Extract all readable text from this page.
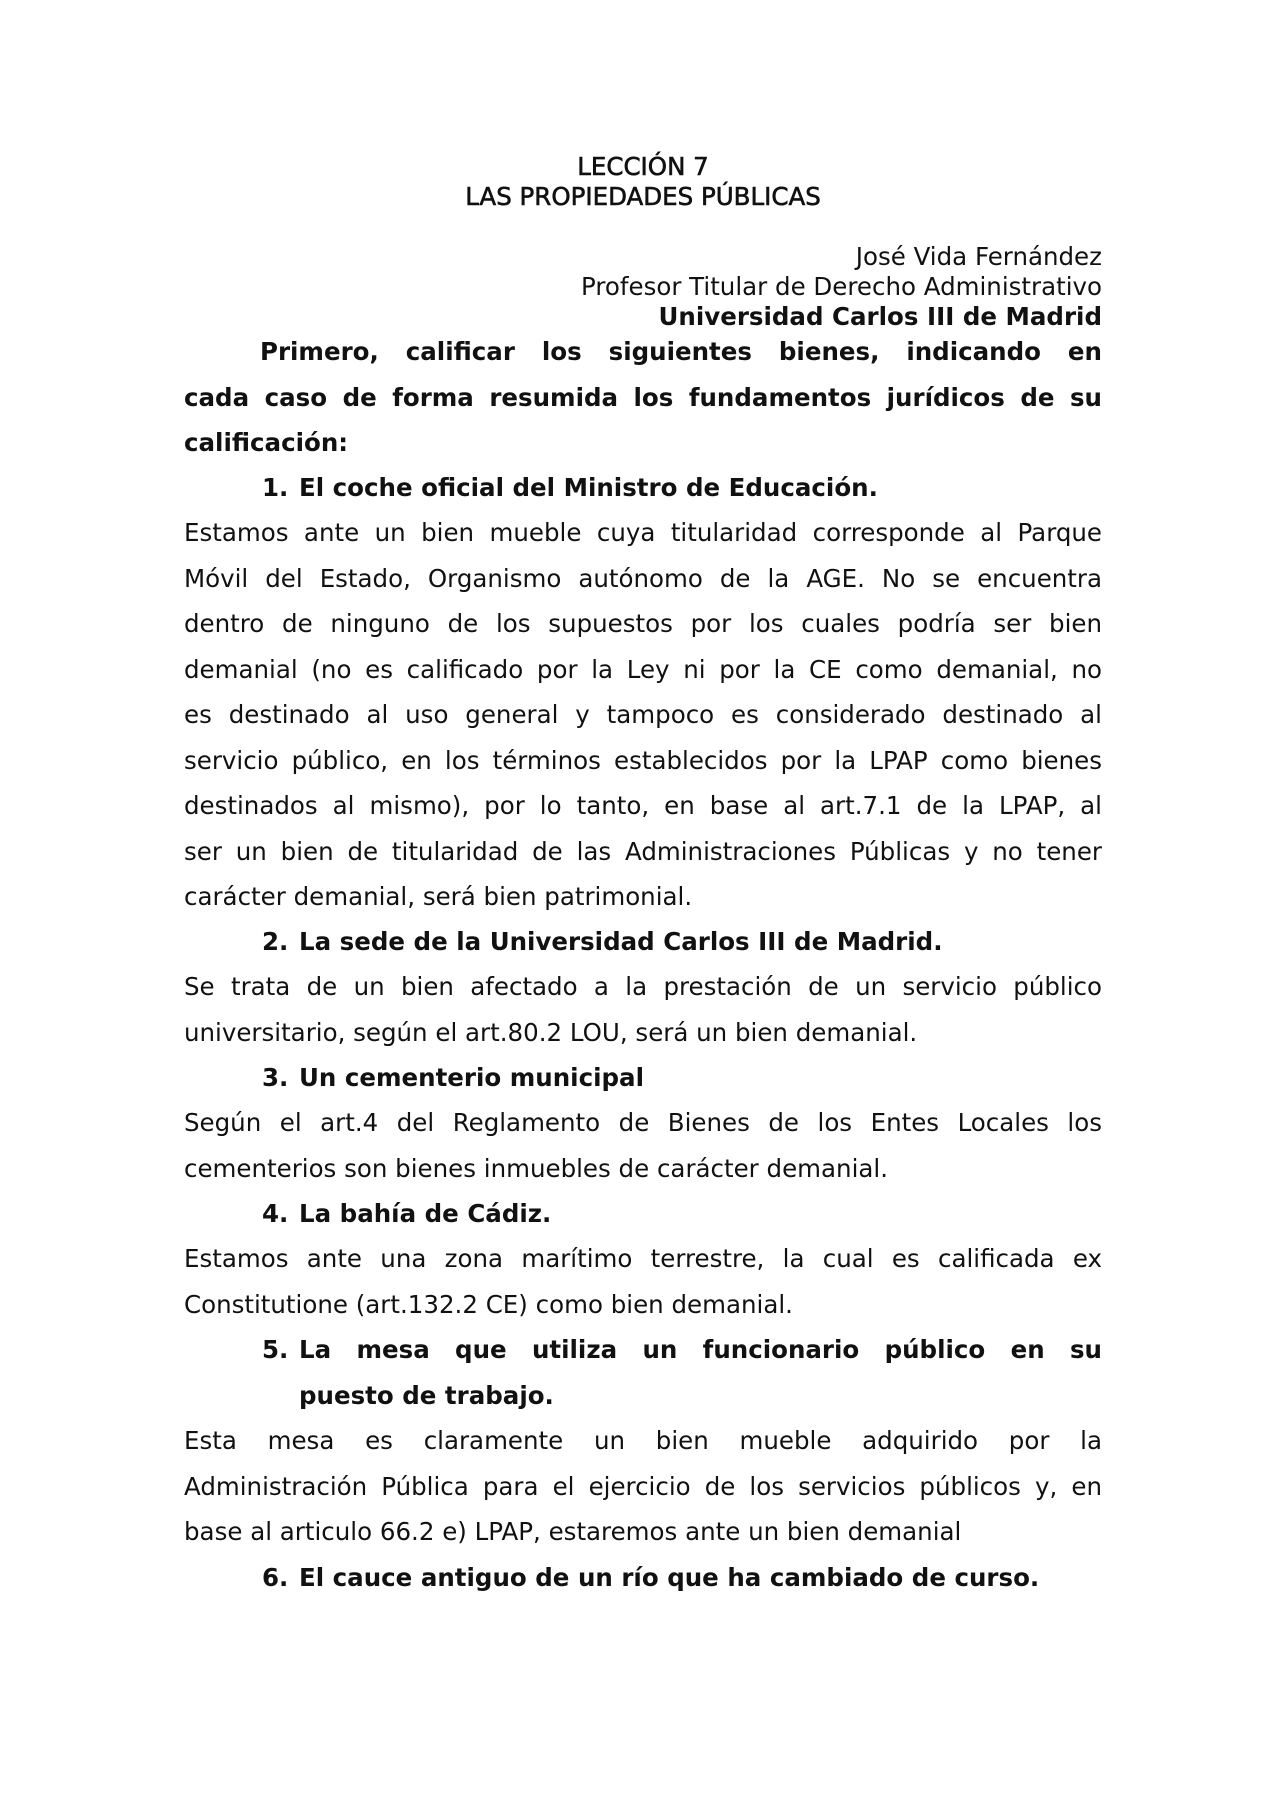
LECCIÓN 7
LAS PROPIEDADES PÚBLICAS
José Vida Fernández
Profesor Titular de Derecho Administrativo
Universidad Carlos III de Madrid
Primero, calificar los siguientes bienes, indicando en
cada caso de forma resumida los fundamentos jurídicos de su
calificación:
1. El coche oficial del Ministro de Educación.
Estamos ante un bien mueble cuya titularidad corresponde al Parque
Móvil del Estado, Organismo autónomo de la AGE. No se encuentra
dentro de ninguno de los supuestos por los cuales podría ser bien
demanial (no es calificado por la Ley ni por la CE como demanial, no
es destinado al uso general y tampoco es considerado destinado al
servicio público, en los términos establecidos por la LPAP como bienes
destinados al mismo), por lo tanto, en base al art.7.1 de la LPAP, al
ser un bien de titularidad de las Administraciones Públicas y no tener
carácter demanial, será bien patrimonial.
2. La sede de la Universidad Carlos III de Madrid.
Se trata de un bien afectado a la prestación de un servicio público
universitario, según el art.80.2 LOU, será un bien demanial.
3. Un cementerio municipal
Según el art.4 del Reglamento de Bienes de los Entes Locales los
cementerios son bienes inmuebles de carácter demanial.
4. La bahía de Cádiz.
Estamos ante una zona marítimo terrestre, la cual es calificada ex
Constitutione (art.132.2 CE) como bien demanial.
5. La mesa que utiliza un funcionario público en su
puesto de trabajo.
Esta mesa es claramente un bien mueble adquirido por la
Administración Pública para el ejercicio de los servicios públicos y, en
base al articulo 66.2 e) LPAP, estaremos ante un bien demanial
6. El cauce antiguo de un río que ha cambiado de curso.
